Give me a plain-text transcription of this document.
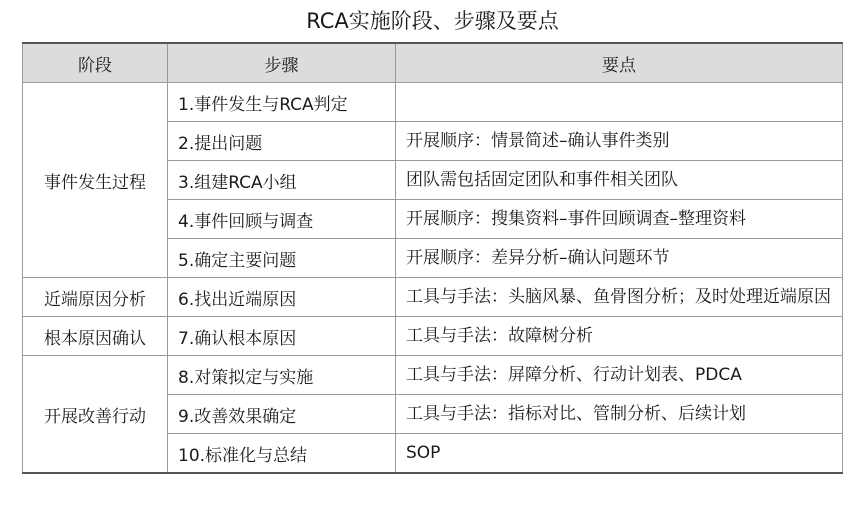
RCA实施阶段、步骤及要点
阶段	步骤	要点
事件发生过程	1.事件发生与RCA判定	
	2.提出问题	开展顺序：情景简述–确认事件类别
	3.组建RCA小组	团队需包括固定团队和事件相关团队
	4.事件回顾与调查	开展顺序：搜集资料–事件回顾调查–整理资料
	5.确定主要问题	开展顺序：差异分析–确认问题环节
近端原因分析	6.找出近端原因	工具与手法：头脑风暴、鱼骨图分析；及时处理近端原因
根本原因确认	7.确认根本原因	工具与手法：故障树分析
开展改善行动	8.对策拟定与实施	工具与手法：屏障分析、行动计划表、PDCA
	9.改善效果确定	工具与手法：指标对比、管制分析、后续计划
	10.标准化与总结	SOP
